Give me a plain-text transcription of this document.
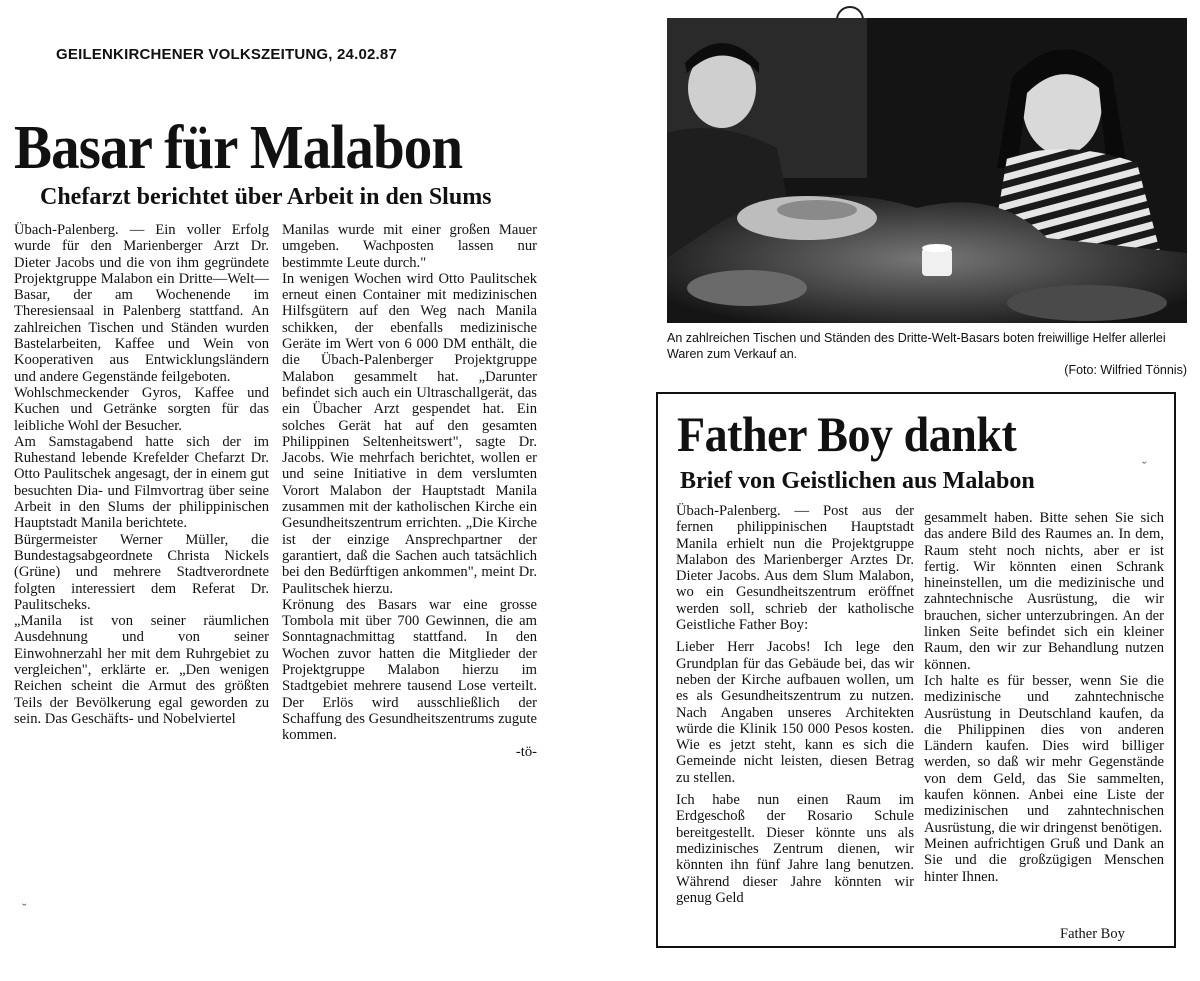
GEILENKIRCHENER VOLKSZEITUNG, 24.02.87
Basar für Malabon
Chefarzt berichtet über Arbeit in den Slums

Übach-Palenberg. — Ein voller Erfolg wurde für den Marienberger Arzt Dr. Dieter Jacobs und die von ihm gegründete Projektgruppe Malabon ein Dritte—Welt—Basar, der am Wochenende im Theresiensaal in Palenberg stattfand. An zahlreichen Tischen und Ständen wurden Bastelarbeiten, Kaffee und Wein von Kooperativen aus Entwicklungsländern und andere Gegenstände feilgeboten.

Wohlschmeckender Gyros, Kaffee und Kuchen und Getränke sorgten für das leibliche Wohl der Besucher.

Am Samstagabend hatte sich der im Ruhestand lebende Krefelder Chefarzt Dr. Otto Paulitschek angesagt, der in einem gut besuchten Dia- und Filmvortrag über seine Arbeit in den Slums der philippinischen Hauptstadt Manila berichtete.

Bürgermeister Werner Müller, die Bundestagsabgeordnete Christa Nickels (Grüne) und mehrere Stadtverordnete folgten interessiert dem Referat Dr. Paulitscheks.

„Manila ist von seiner räumlichen Ausdehnung und von seiner Einwohnerzahl her mit dem Ruhrgebiet zu vergleichen", erklärte er. „Den wenigen Reichen scheint die Armut des größten Teils der Bevölkerung egal geworden zu sein. Das Geschäfts- und Nobelviertel

Manilas wurde mit einer großen Mauer umgeben. Wachposten lassen nur bestimmte Leute durch."

In wenigen Wochen wird Otto Paulitschek erneut einen Container mit medizinischen Hilfsgütern auf den Weg nach Manila schikken, der ebenfalls medizinische Geräte im Wert von 6 000 DM enthält, die die Übach-Palenberger Projektgruppe Malabon gesammelt hat. „Darunter befindet sich auch ein Ultraschallgerät, das ein Übacher Arzt gespendet hat. Ein solches Gerät hat auf den gesamten Philippinen Seltenheitswert", sagte Dr. Jacobs. Wie mehrfach berichtet, wollen er und seine Initiative in dem verslumten Vorort Malabon der Hauptstadt Manila zusammen mit der katholischen Kirche ein Gesundheitszentrum errichten. „Die Kirche ist der einzige Ansprechpartner der garantiert, daß die Sachen auch tatsächlich bei den Bedürftigen ankommen", meint Dr. Paulitschek hierzu.

Krönung des Basars war eine grosse Tombola mit über 700 Gewinnen, die am Sonntagnachmittag stattfand. In den Wochen zuvor hatten die Mitglieder der Projektgruppe Malabon hierzu im Stadtgebiet mehrere tausend Lose verteilt. Der Erlös wird ausschließlich der Schaffung des Gesundheitszentrums zugute kommen.

-tö-

˘
An zahlreichen Tischen und Ständen des Dritte-Welt-Basars boten freiwillige Helfer allerlei Waren zum Verkauf an.
(Foto: Wilfried Tönnis)
Father Boy dankt
Brief von Geistlichen aus Malabon
ˇ

Übach-Palenberg. — Post aus der fernen philippinischen Hauptstadt Manila erhielt nun die Projektgruppe Malabon des Marienberger Arztes Dr. Dieter Jacobs. Aus dem Slum Malabon, wo ein Gesundheitszentrum eröffnet werden soll, schrieb der katholische Geistliche Father Boy:

Lieber Herr Jacobs! Ich lege den Grundplan für das Gebäude bei, das wir neben der Kirche aufbauen wollen, um es als Gesundheitszentrum zu nutzen. Nach Angaben unseres Architekten würde die Klinik 150 000 Pesos kosten. Wie es jetzt steht, kann es sich die Gemeinde nicht leisten, diesen Betrag zu stellen.

Ich habe nun einen Raum im Erdgeschoß der Rosario Schule bereitgestellt. Dieser könnte uns als medizinisches Zentrum dienen, wir könnten ihn fünf Jahre lang benutzen. Während dieser Jahre könnten wir genug Geld

gesammelt haben. Bitte sehen Sie sich das andere Bild des Raumes an. In dem, Raum steht noch nichts, aber er ist fertig. Wir könnten einen Schrank hineinstellen, um die medizinische und zahntechnische Ausrüstung, die wir brauchen, sicher unterzubringen. An der linken Seite befindet sich ein kleiner Raum, den wir zur Behandlung nutzen können.

Ich halte es für besser, wenn Sie die medizinische und zahntechnische Ausrüstung in Deutschland kaufen, da die Philippinen dies von anderen Ländern kaufen. Dies wird billiger werden, so daß wir mehr Gegenstände von dem Geld, das Sie sammelten, kaufen können. Anbei eine Liste der medizinischen und zahntechnischen Ausrüstung, die wir dringenst benötigen.

Meinen aufrichtigen Gruß und Dank an Sie und die großzügigen Menschen hinter Ihnen.

Father Boy
